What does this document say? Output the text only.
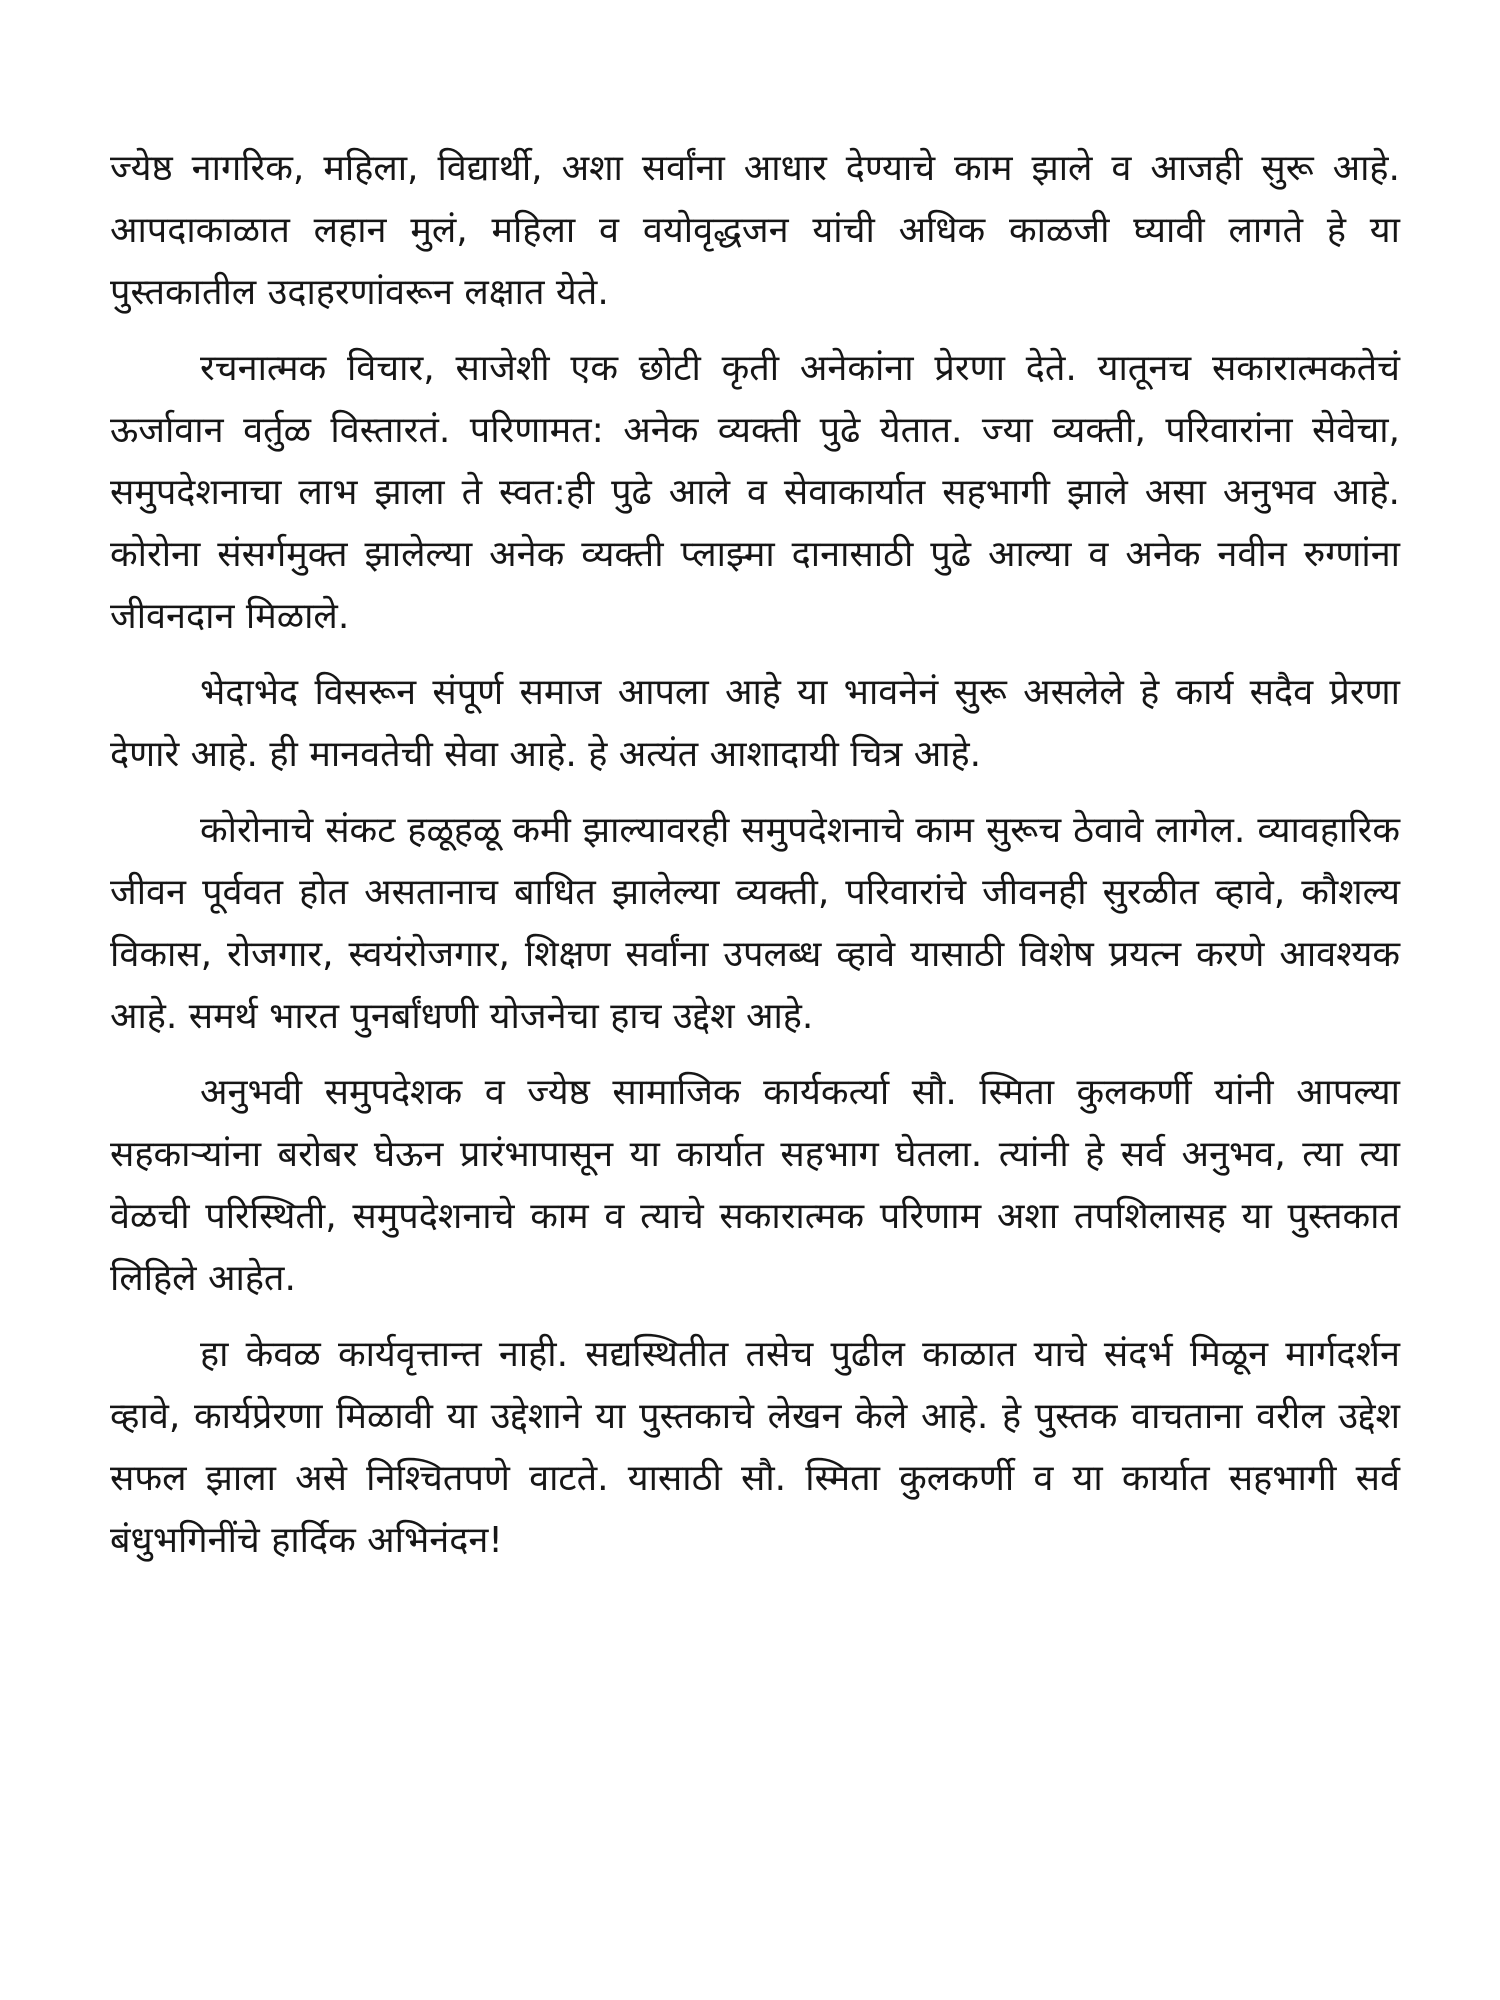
ज्येष्ठ नागरिक, महिला, विद्यार्थी, अशा सर्वांना आधार देण्याचे काम झाले व आजही सुरू आहे. आपदाकाळात लहान मुलं, महिला व वयोवृद्धजन यांची अधिक काळजी घ्यावी लागते हे या पुस्तकातील उदाहरणांवरून लक्षात येते.

रचनात्मक विचार, साजेशी एक छोटी कृती अनेकांना प्रेरणा देते. यातूनच सकारात्मकतेचं ऊर्जावान वर्तुळ विस्तारतं. परिणामत: अनेक व्यक्ती पुढे येतात. ज्या व्यक्ती, परिवारांना सेवेचा, समुपदेशनाचा लाभ झाला ते स्वत:ही पुढे आले व सेवाकार्यात सहभागी झाले असा अनुभव आहे. कोरोना संसर्गमुक्त झालेल्या अनेक व्यक्ती प्लाझ्मा दानासाठी पुढे आल्या व अनेक नवीन रुग्णांना जीवनदान मिळाले.

भेदाभेद विसरून संपूर्ण समाज आपला आहे या भावनेनं सुरू असलेले हे कार्य सदैव प्रेरणा देणारे आहे. ही मानवतेची सेवा आहे. हे अत्यंत आशादायी चित्र आहे.

कोरोनाचे संकट हळूहळू कमी झाल्यावरही समुपदेशनाचे काम सुरूच ठेवावे लागेल. व्यावहारिक जीवन पूर्ववत होत असतानाच बाधित झालेल्या व्यक्ती, परिवारांचे जीवनही सुरळीत व्हावे, कौशल्य विकास, रोजगार, स्वयंरोजगार, शिक्षण सर्वांना उपलब्ध व्हावे यासाठी विशेष प्रयत्न करणे आवश्यक आहे. समर्थ भारत पुनर्बांधणी योजनेचा हाच उद्देश आहे.

अनुभवी समुपदेशक व ज्येष्ठ सामाजिक कार्यकर्त्या सौ. स्मिता कुलकर्णी यांनी आपल्या सहकाऱ्यांना बरोबर घेऊन प्रारंभापासून या कार्यात सहभाग घेतला. त्यांनी हे सर्व अनुभव, त्या त्या वेळची परिस्थिती, समुपदेशनाचे काम व त्याचे सकारात्मक परिणाम अशा तपशिलासह या पुस्तकात लिहिले आहेत.

हा केवळ कार्यवृत्तान्त नाही. सद्यस्थितीत तसेच पुढील काळात याचे संदर्भ मिळून मार्गदर्शन व्हावे, कार्यप्रेरणा मिळावी या उद्देशाने या पुस्तकाचे लेखन केले आहे. हे पुस्तक वाचताना वरील उद्देश सफल झाला असे निश्चितपणे वाटते. यासाठी सौ. स्मिता कुलकर्णी व या कार्यात सहभागी सर्व बंधुभगिनींचे हार्दिक अभिनंदन!
